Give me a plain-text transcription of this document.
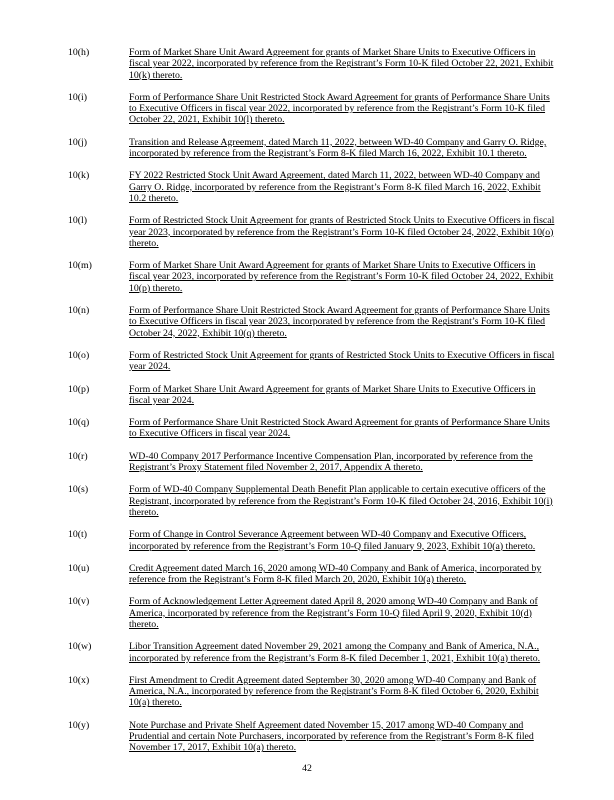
10(h)	Form of Market Share Unit Award Agreement for grants of Market Share Units to Executive Officers in fiscal year 2022, incorporated by reference from the Registrant’s Form 10-K filed October 22, 2021, Exhibit 10(k) thereto.
10(i)	Form of Performance Share Unit Restricted Stock Award Agreement for grants of Performance Share Units to Executive Officers in fiscal year 2022, incorporated by reference from the Registrant’s Form 10-K filed October 22, 2021, Exhibit 10(l) thereto.
10(j)	Transition and Release Agreement, dated March 11, 2022, between WD-40 Company and Garry O. Ridge, incorporated by reference from the Registrant’s Form 8-K filed March 16, 2022, Exhibit 10.1 thereto.
10(k)	FY 2022 Restricted Stock Unit Award Agreement, dated March 11, 2022, between WD-40 Company and Garry O. Ridge, incorporated by reference from the Registrant’s Form 8-K filed March 16, 2022, Exhibit 10.2 thereto.
10(l)	Form of Restricted Stock Unit Agreement for grants of Restricted Stock Units to Executive Officers in fiscal year 2023, incorporated by reference from the Registrant’s Form 10-K filed October 24, 2022, Exhibit 10(o) thereto.
10(m)	Form of Market Share Unit Award Agreement for grants of Market Share Units to Executive Officers in fiscal year 2023, incorporated by reference from the Registrant’s Form 10-K filed October 24, 2022, Exhibit 10(p) thereto.
10(n)	Form of Performance Share Unit Restricted Stock Award Agreement for grants of Performance Share Units to Executive Officers in fiscal year 2023, incorporated by reference from the Registrant’s Form 10-K filed October 24, 2022, Exhibit 10(q) thereto.
10(o)	Form of Restricted Stock Unit Agreement for grants of Restricted Stock Units to Executive Officers in fiscal year 2024.
10(p)	Form of Market Share Unit Award Agreement for grants of Market Share Units to Executive Officers in fiscal year 2024.
10(q)	Form of Performance Share Unit Restricted Stock Award Agreement for grants of Performance Share Units to Executive Officers in fiscal year 2024.
10(r)	WD-40 Company 2017 Performance Incentive Compensation Plan, incorporated by reference from the Registrant’s Proxy Statement filed November 2, 2017, Appendix A thereto.
10(s)	Form of WD-40 Company Supplemental Death Benefit Plan applicable to certain executive officers of the Registrant, incorporated by reference from the Registrant’s Form 10-K filed October 24, 2016, Exhibit 10(i) thereto.
10(t)	Form of Change in Control Severance Agreement between WD-40 Company and Executive Officers, incorporated by reference from the Registrant’s Form 10-Q filed January 9, 2023, Exhibit 10(a) thereto.
10(u)	Credit Agreement dated March 16, 2020 among WD-40 Company and Bank of America, incorporated by reference from the Registrant’s Form 8-K filed March 20, 2020, Exhibit 10(a) thereto.
10(v)	Form of Acknowledgement Letter Agreement dated April 8, 2020 among WD-40 Company and Bank of America, incorporated by reference from the Registrant’s Form 10-Q filed April 9, 2020, Exhibit 10(d) thereto.
10(w)	Libor Transition Agreement dated November 29, 2021 among the Company and Bank of America, N.A., incorporated by reference from the Registrant’s Form 8-K filed December 1, 2021, Exhibit 10(a) thereto.
10(x)	First Amendment to Credit Agreement dated September 30, 2020 among WD-40 Company and Bank of America, N.A., incorporated by reference from the Registrant’s Form 8-K filed October 6, 2020, Exhibit 10(a) thereto.
10(y)	Note Purchase and Private Shelf Agreement dated November 15, 2017 among WD-40 Company and Prudential and certain Note Purchasers, incorporated by reference from the Registrant’s Form 8-K filed November 17, 2017, Exhibit 10(a) thereto.
42
